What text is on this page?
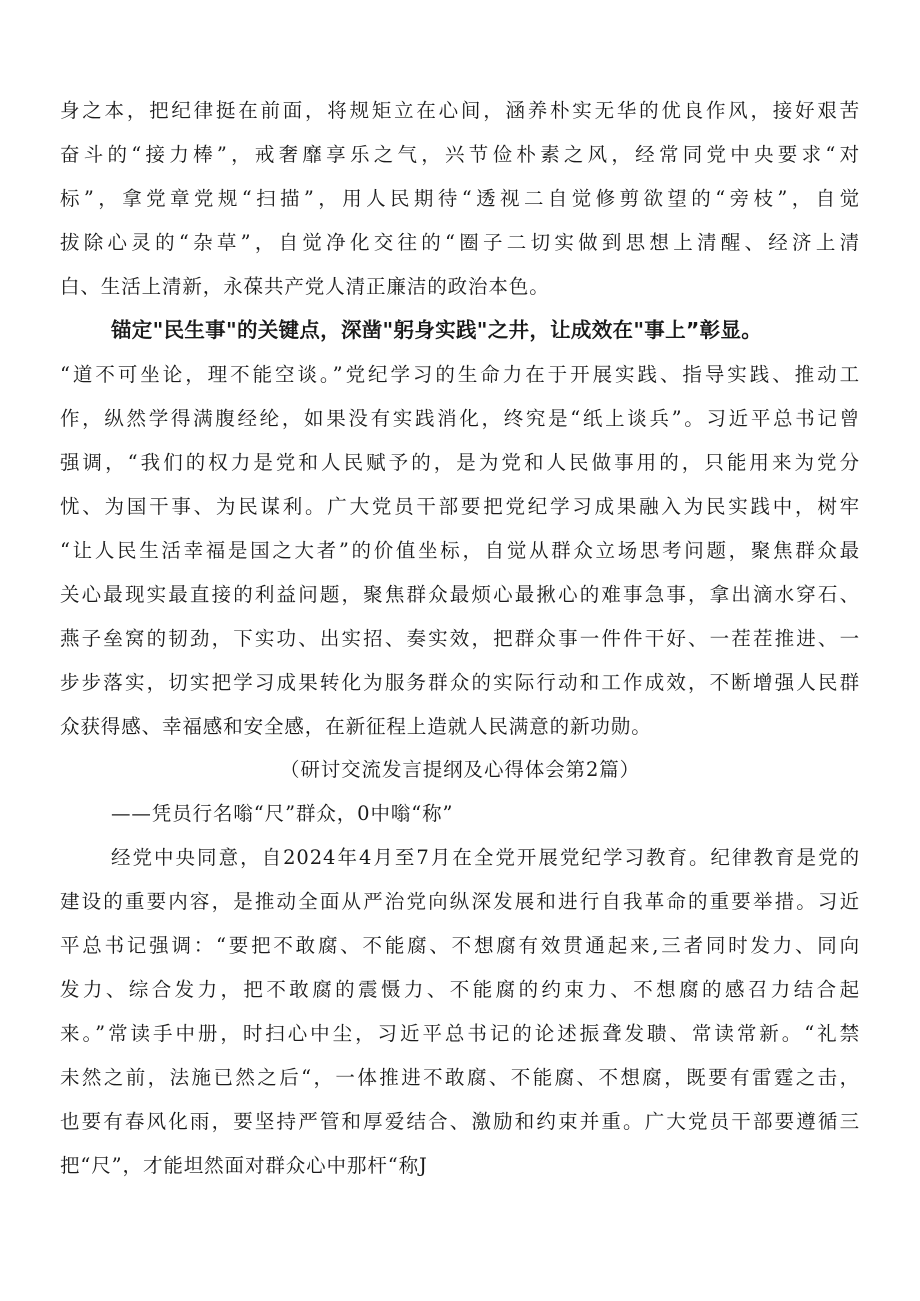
身之本，把纪律挺在前面，将规矩立在心间，涵养朴实无华的优良作风，接好艰苦
奋斗的“接力棒”，戒奢靡享乐之气，兴节俭朴素之风，经常同党中央要求“对
标”，拿党章党规“扫描”，用人民期待“透视二自觉修剪欲望的“旁枝”，自觉
拔除心灵的“杂草”，自觉净化交往的“圈子二切实做到思想上清醒、经济上清
白、生活上清新，永葆共产党人清正廉洁的政治本色。
锚定"民生事"的关键点，深凿"躬身实践"之井，让成效在"事上”彰显。
“道不可坐论，理不能空谈。”党纪学习的生命力在于开展实践、指导实践、推动工
作，纵然学得满腹经纶，如果没有实践消化，终究是“纸上谈兵”。习近平总书记曾
强调，“我们的权力是党和人民赋予的，是为党和人民做事用的，只能用来为党分
忧、为国干事、为民谋利。广大党员干部要把党纪学习成果融入为民实践中，树牢
“让人民生活幸福是国之大者”的价值坐标，自觉从群众立场思考问题，聚焦群众最
关心最现实最直接的利益问题，聚焦群众最烦心最揪心的难事急事，拿出滴水穿石、
燕子垒窝的韧劲，下实功、出实招、奏实效，把群众事一件件干好、一茬茬推进、一
步步落实，切实把学习成果转化为服务群众的实际行动和工作成效，不断增强人民群
众获得感、幸福感和安全感，在新征程上造就人民满意的新功勋。
（研讨交流发言提纲及心得体会第2篇）
——凭员行名嗡“尺”群众，0中嗡“称”
经党中央同意，自2024年4月至7月在全党开展党纪学习教育。纪律教育是党的
建设的重要内容，是推动全面从严治党向纵深发展和进行自我革命的重要举措。习近
平总书记强调：“要把不敢腐、不能腐、不想腐有效贯通起来,三者同时发力、同向
发力、综合发力，把不敢腐的震慑力、不能腐的约束力、不想腐的感召力结合起
来。”常读手中册，时扫心中尘，习近平总书记的论述振聋发聩、常读常新。“礼禁
未然之前，法施已然之后“，一体推进不敢腐、不能腐、不想腐，既要有雷霆之击，
也要有春风化雨，要坚持严管和厚爱结合、激励和约束并重。广大党员干部要遵循三
把“尺”，才能坦然面对群众心中那杆“称J
